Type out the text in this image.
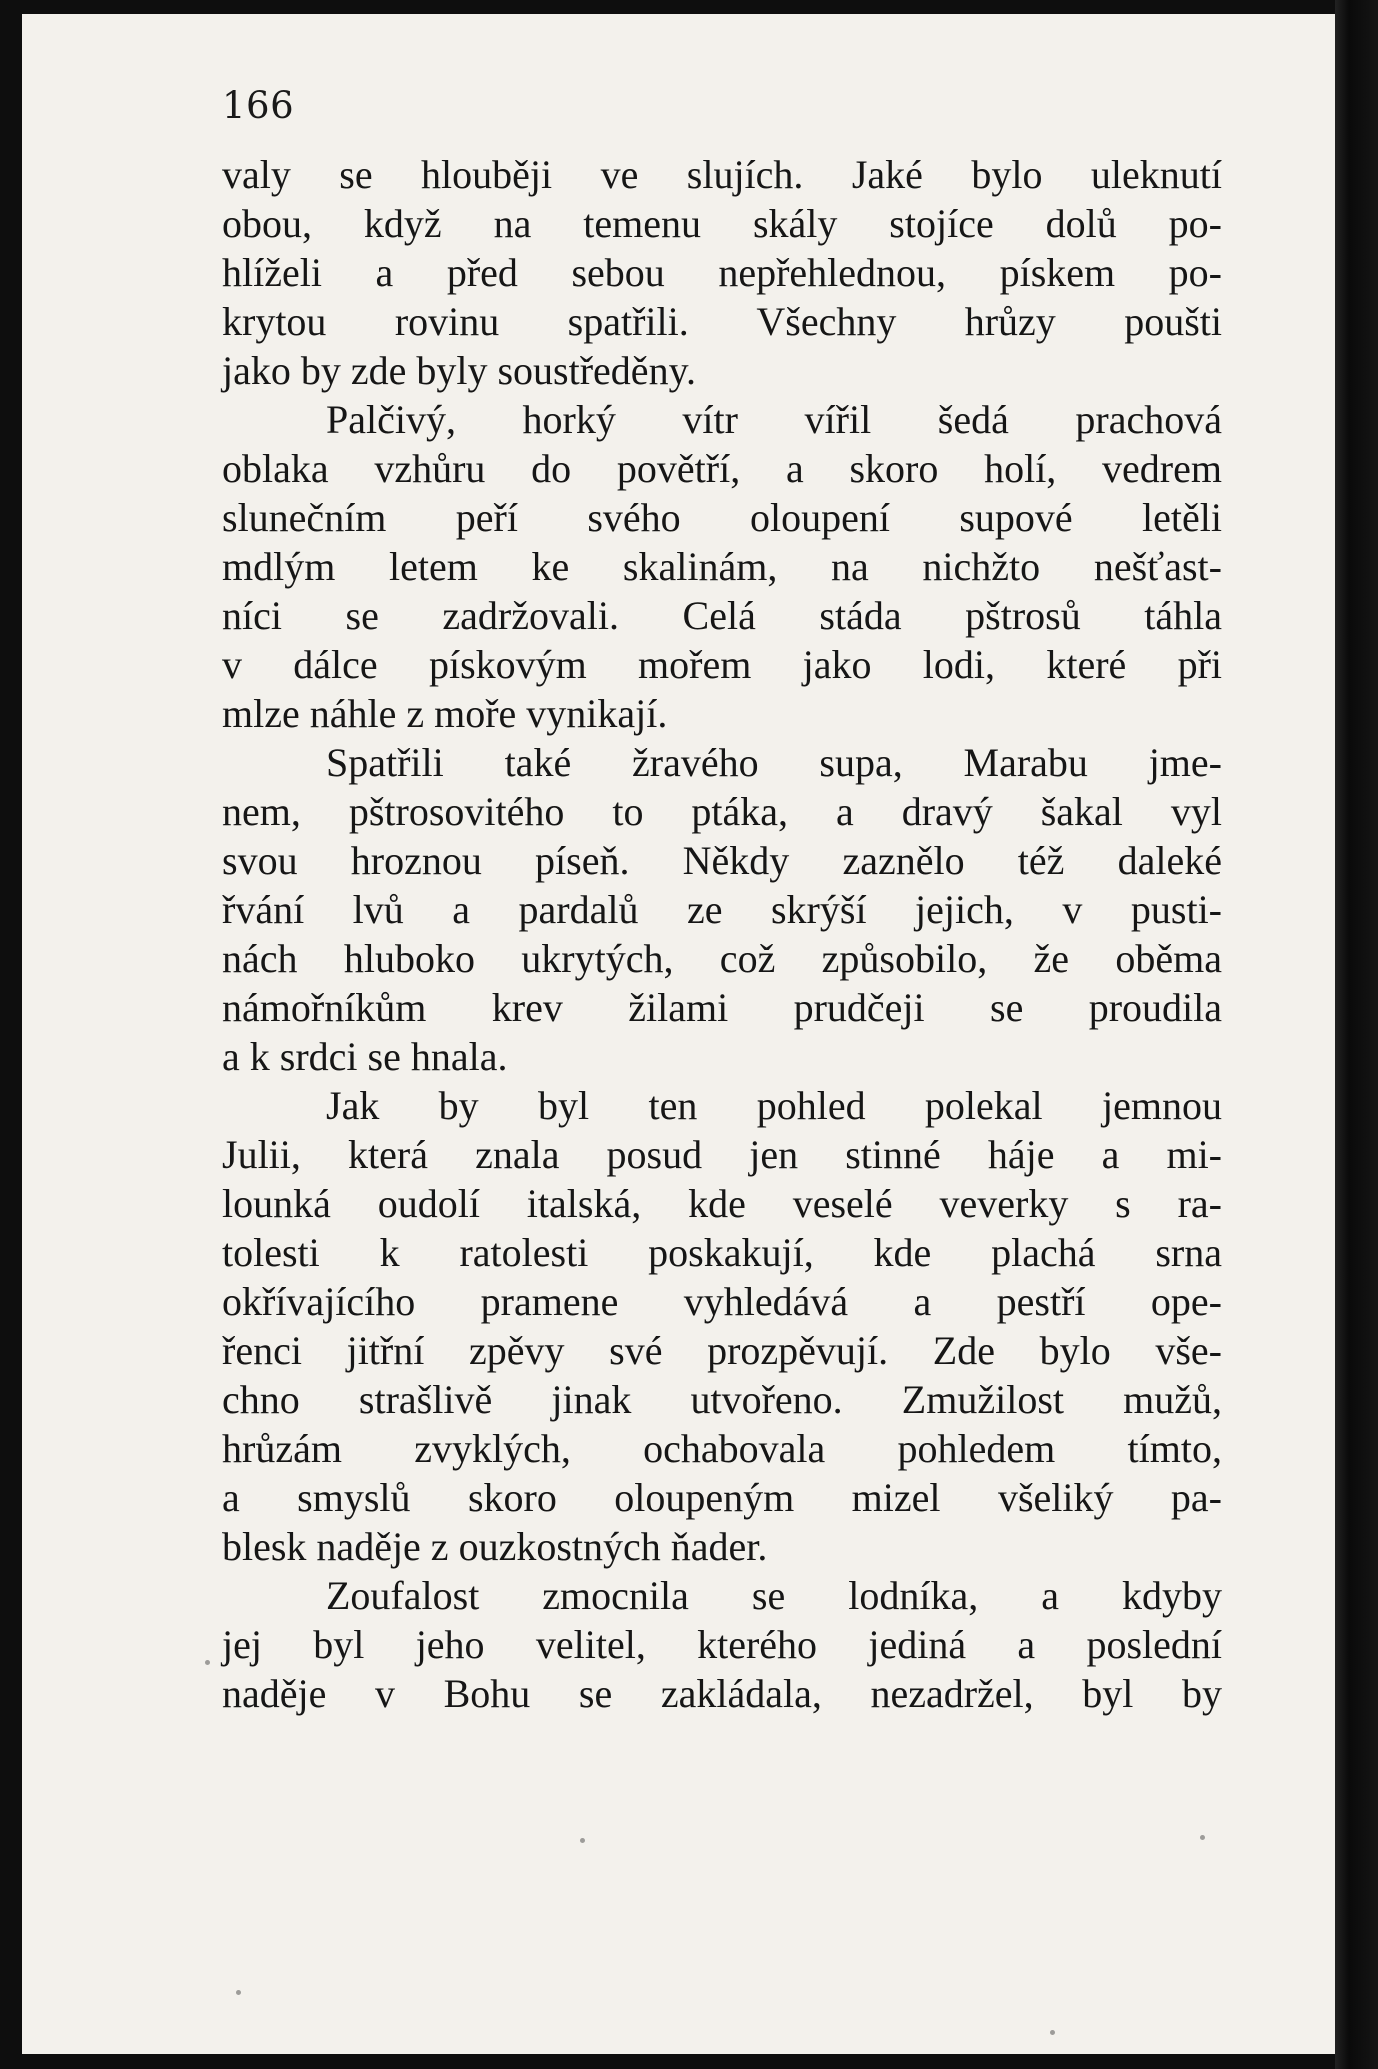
166
valy se hlouběji ve slujích. Jaké bylo uleknutí
obou, když na temenu skály stojíce dolů po-
hlíželi a před sebou nepřehlednou, pískem po-
krytou rovinu spatřili. Všechny hrůzy poušti
jako by zde byly soustředěny.
Palčivý, horký vítr vířil šedá prachová
oblaka vzhůru do povětří, a skoro holí, vedrem
slunečním peří svého oloupení supové letěli
mdlým letem ke skalinám, na nichžto nešťast-
níci se zadržovali. Celá stáda pštrosů táhla
v dálce pískovým mořem jako lodi, které při
mlze náhle z moře vynikají.
Spatřili také žravého supa, Marabu jme-
nem, pštrosovitého to ptáka, a dravý šakal vyl
svou hroznou píseň. Někdy zaznělo též daleké
řvání lvů a pardalů ze skrýší jejich, v pusti-
nách hluboko ukrytých, což způsobilo, že oběma
námořníkům krev žilami prudčeji se proudila
a k srdci se hnala.
Jak by byl ten pohled polekal jemnou
Julii, která znala posud jen stinné háje a mi-
lounká oudolí italská, kde veselé veverky s ra-
tolesti k ratolesti poskakují, kde plachá srna
okřívajícího pramene vyhledává a pestří ope-
řenci jitřní zpěvy své prozpěvují. Zde bylo vše-
chno strašlivě jinak utvořeno. Zmužilost mužů,
hrůzám zvyklých, ochabovala pohledem tímto,
a smyslů skoro oloupeným mizel všeliký pa-
blesk naděje z ouzkostných ňader.
Zoufalost zmocnila se lodníka, a kdyby
jej byl jeho velitel, kterého jediná a poslední
naděje v Bohu se zakládala, nezadržel, byl by
